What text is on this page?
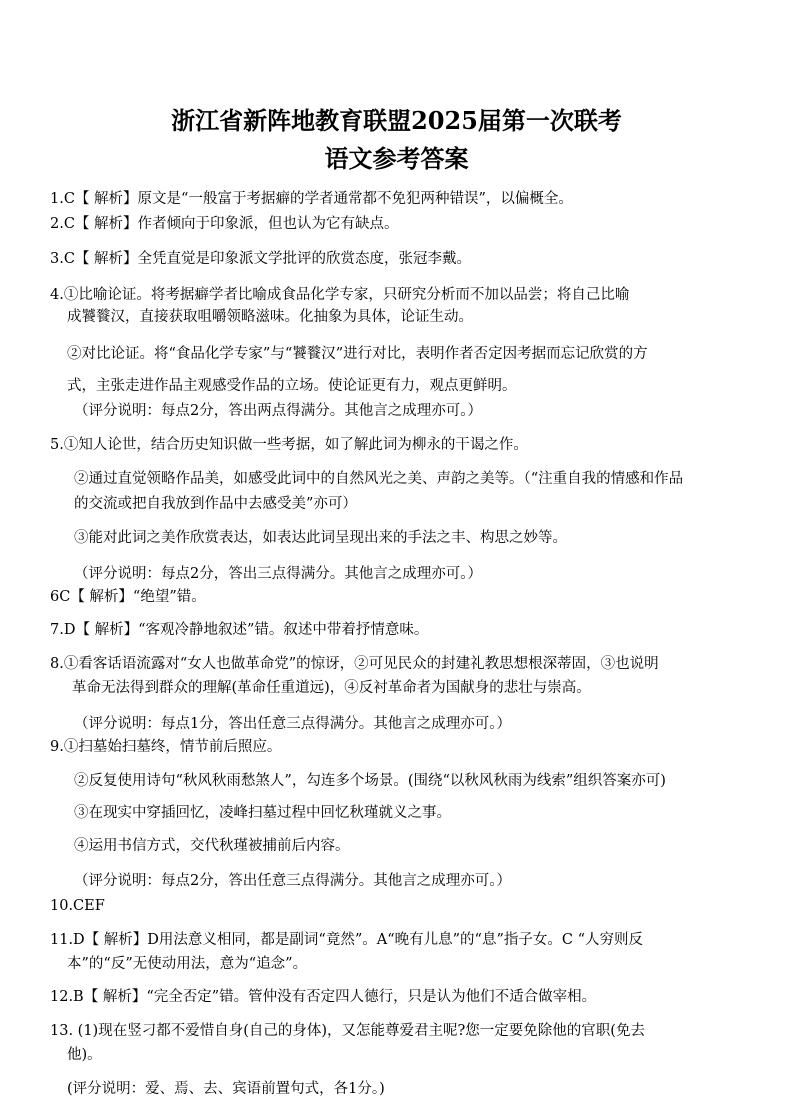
浙江省新阵地教育联盟2025届第一次联考
语文参考答案
1.C【 解析】原文是“一般富于考据癖的学者通常都不免犯两种错误”，以偏概全。
2.C【 解析】作者倾向于印象派，但也认为它有缺点。
3.C【 解析】全凭直觉是印象派文学批评的欣赏态度，张冠李戴。
4.①比喻论证。将考据癖学者比喻成食品化学专家，只研究分析而不加以品尝；将自己比喻
成饕餮汉，直接获取咀嚼领略滋味。化抽象为具体，论证生动。
②对比论证。将“食品化学专家”与“饕餮汉”进行对比，表明作者否定因考据而忘记欣赏的方
式，主张走进作品主观感受作品的立场。使论证更有力，观点更鲜明。
（评分说明：每点2分，答出两点得满分。其他言之成理亦可。）
5.①知人论世，结合历史知识做一些考据，如了解此词为柳永的干谒之作。
②通过直觉领略作品美，如感受此词中的自然风光之美、声韵之美等。（“注重自我的情感和作品
的交流或把自我放到作品中去感受美”亦可）
③能对此词之美作欣赏表达，如表达此词呈现出来的手法之丰、构思之妙等。
（评分说明：每点2分，答出三点得满分。其他言之成理亦可。）
6C【 解析】“绝望”错。
7.D【 解析】“客观冷静地叙述”错。叙述中带着抒情意味。
8.①看客话语流露对“女人也做革命党”的惊讶，②可见民众的封建礼教思想根深蒂固，③也说明
革命无法得到群众的理解(革命任重道远)，④反衬革命者为国献身的悲壮与崇高。
（评分说明：每点1分，答出任意三点得满分。其他言之成理亦可。）
9.①扫墓始扫墓终，情节前后照应。
②反复使用诗句“秋风秋雨愁煞人”，勾连多个场景。(围绕“以秋风秋雨为线索”组织答案亦可)
③在现实中穿插回忆，凌峰扫墓过程中回忆秋瑾就义之事。
④运用书信方式，交代秋瑾被捕前后内容。
（评分说明：每点2分，答出任意三点得满分。其他言之成理亦可。）
10.CEF
11.D【 解析】D用法意义相同，都是副词“竟然”。A“晚有儿息”的“息”指子女。C “人穷则反
本”的“反”无使动用法，意为“追念”。
12.B【 解析】“完全否定”错。管仲没有否定四人德行，只是认为他们不适合做宰相。
13. (1)现在竖刁都不爱惜自身(自己的身体)，又怎能尊爱君主呢?您一定要免除他的官职(免去
他)。
(评分说明：爱、焉、去、宾语前置句式，各1分。)
